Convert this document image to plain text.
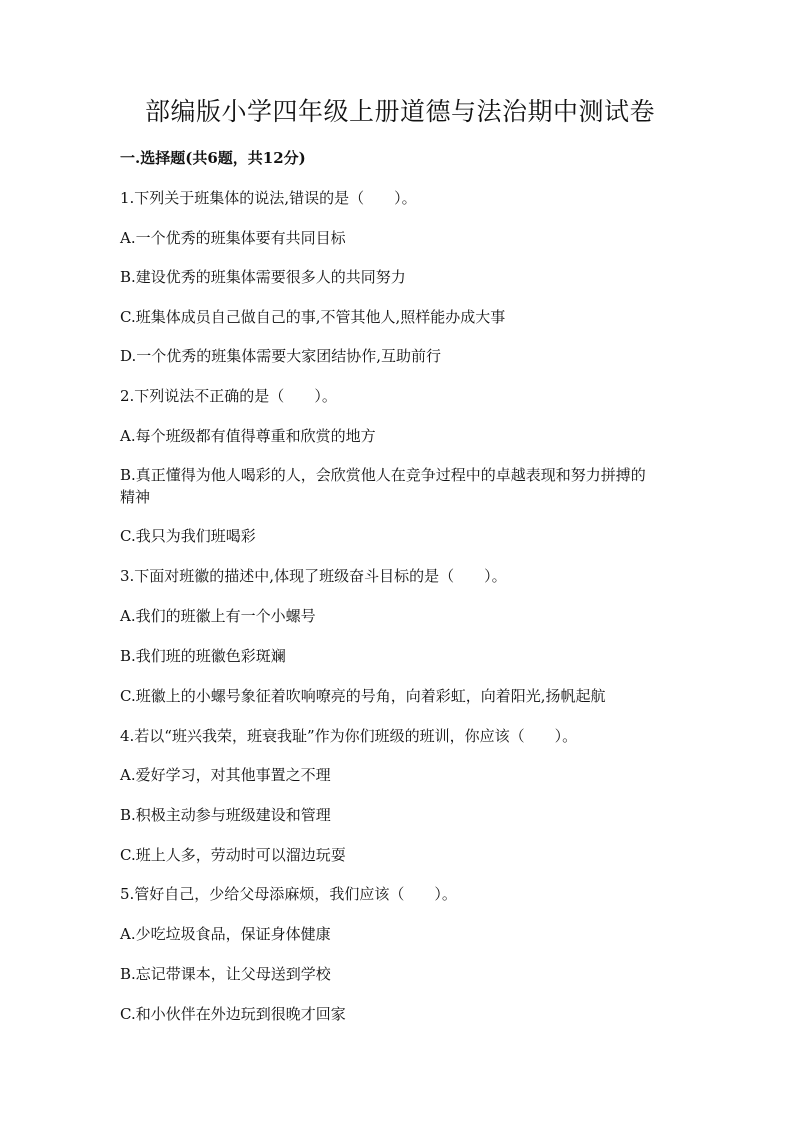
部编版小学四年级上册道德与法治期中测试卷
一.选择题(共6题，共12分)

1.下列关于班集体的说法,错误的是（　　）。

A.一个优秀的班集体要有共同目标

B.建设优秀的班集体需要很多人的共同努力

C.班集体成员自己做自己的事,不管其他人,照样能办成大事

D.一个优秀的班集体需要大家团结协作,互助前行

2.下列说法不正确的是（　　）。

A.每个班级都有值得尊重和欣赏的地方

B.真正懂得为他人喝彩的人，会欣赏他人在竞争过程中的卓越表现和努力拼搏的精神

C.我只为我们班喝彩

3.下面对班徽的描述中,体现了班级奋斗目标的是（　　）。

A.我们的班徽上有一个小螺号

B.我们班的班徽色彩斑斓

C.班徽上的小螺号象征着吹响嘹亮的号角，向着彩虹，向着阳光,扬帆起航

4.若以“班兴我荣，班衰我耻”作为你们班级的班训，你应该（　　）。

A.爱好学习，对其他事置之不理

B.积极主动参与班级建设和管理

C.班上人多，劳动时可以溜边玩耍

5.管好自己，少给父母添麻烦，我们应该（　　）。

A.少吃垃圾食品，保证身体健康

B.忘记带课本，让父母送到学校

C.和小伙伴在外边玩到很晚才回家
